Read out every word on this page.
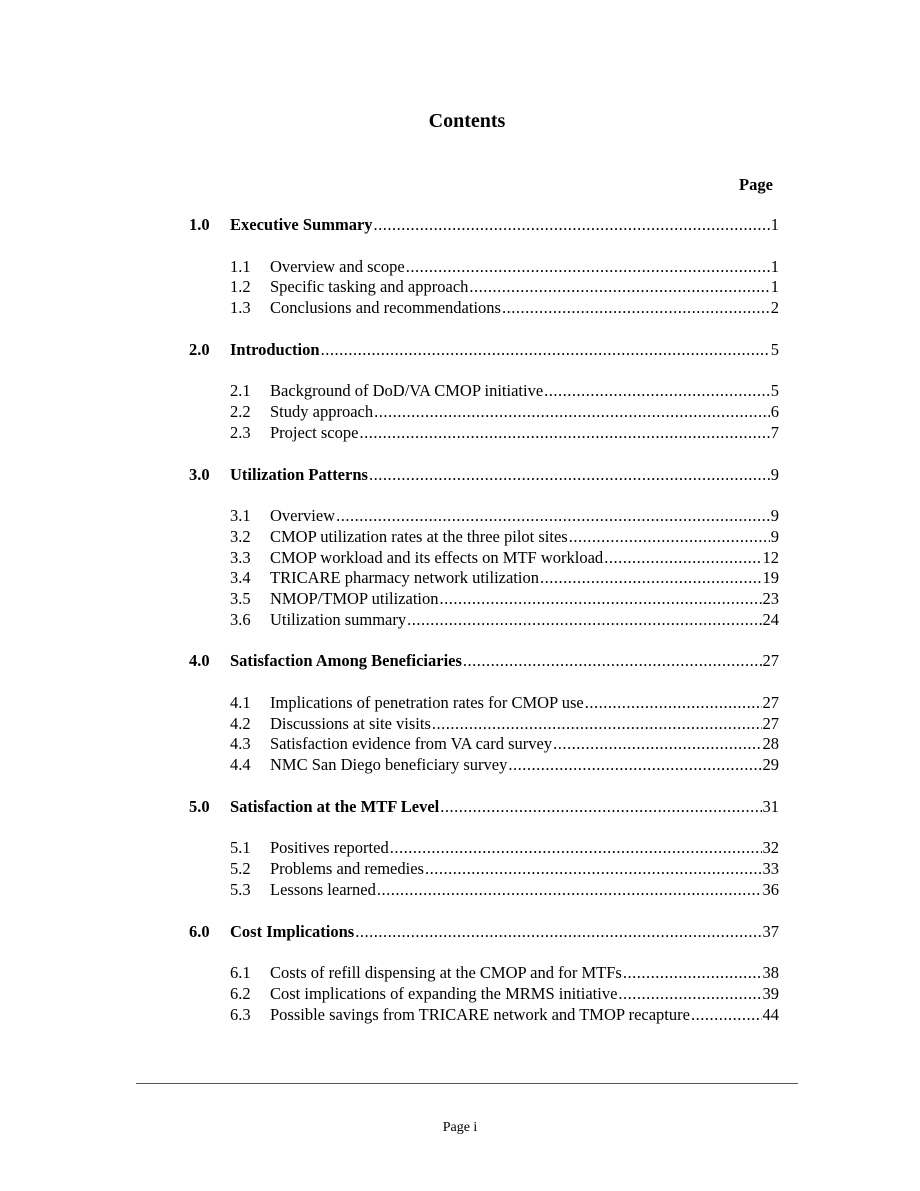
Contents
Page
1.0	Executive Summary .....	1
1.1	Overview and scope .....	1
1.2	Specific tasking and approach .....	1
1.3	Conclusions and recommendations .....	2
2.0	Introduction .....	5
2.1	Background of DoD/VA CMOP initiative .....	5
2.2	Study approach .....	6
2.3	Project scope .....	7
3.0	Utilization Patterns .....	9
3.1	Overview .....	9
3.2	CMOP utilization rates at the three pilot sites .....	9
3.3	CMOP workload and its effects on MTF workload .....	12
3.4	TRICARE pharmacy network utilization .....	19
3.5	NMOP/TMOP utilization .....	23
3.6	Utilization summary .....	24
4.0	Satisfaction Among Beneficiaries .....	27
4.1	Implications of penetration rates for CMOP use .....	27
4.2	Discussions at site visits .....	27
4.3	Satisfaction evidence from VA card survey .....	28
4.4	NMC San Diego beneficiary survey .....	29
5.0	Satisfaction at the MTF Level .....	31
5.1	Positives reported .....	32
5.2	Problems and remedies .....	33
5.3	Lessons learned .....	36
6.0	Cost Implications .....	37
6.1	Costs of refill dispensing at the CMOP and for MTFs .....	38
6.2	Cost implications of expanding the MRMS initiative .....	39
6.3	Possible savings from TRICARE network and TMOP recapture .....	44
Page i
